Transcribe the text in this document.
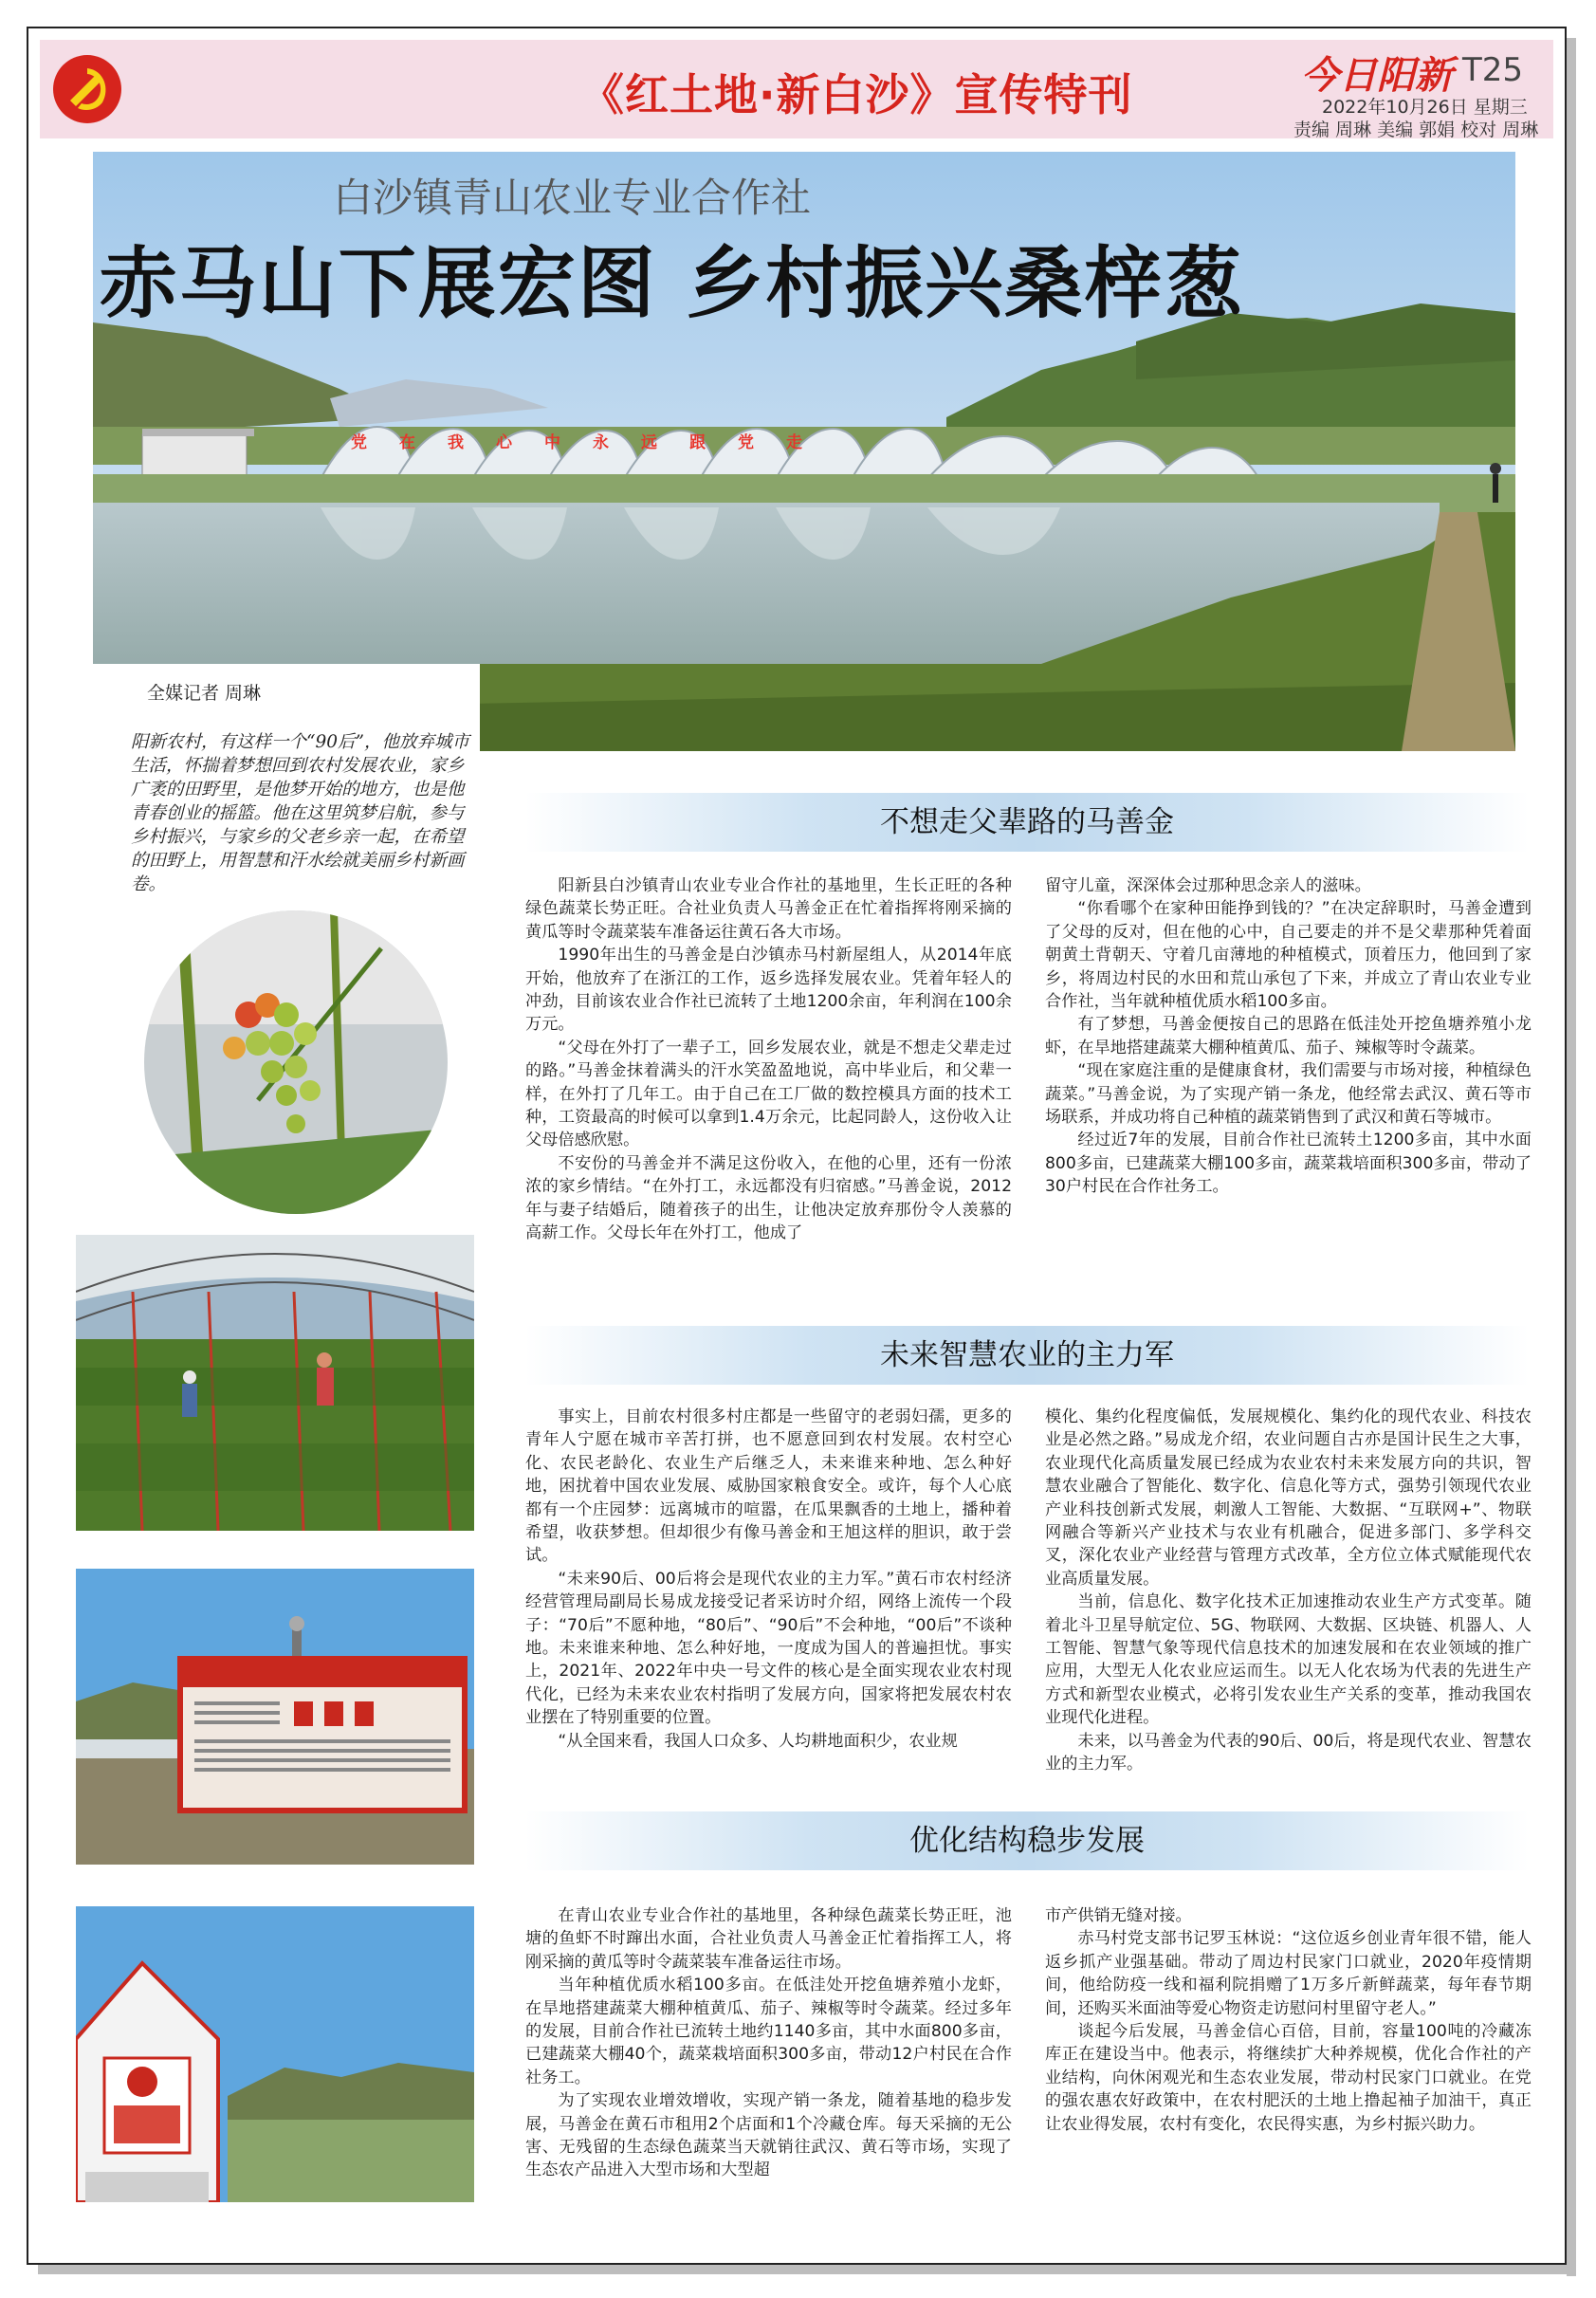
《红土地·新白沙》宣传特刊	今日阳新 T25
2022年10月26日 星期三
责编 周琳 美编 郭娟 校对 周琳
白沙镇青山农业专业合作社
赤马山下展宏图 乡村振兴桑梓葱
党在我心中永远跟党走
全媒记者 周琳
阳新农村，有这样一个“90后”，他放弃城市生活，怀揣着梦想回到农村发展农业，家乡广袤的田野里，是他梦开始的地方，也是他青春创业的摇篮。他在这里筑梦启航，参与乡村振兴，与家乡的父老乡亲一起，在希望的田野上，用智慧和汗水绘就美丽乡村新画卷。
不想走父辈路的马善金

阳新县白沙镇青山农业专业合作社的基地里，生长正旺的各种绿色蔬菜长势正旺。合社业负责人马善金正在忙着指挥将刚采摘的黄瓜等时令蔬菜装车准备运往黄石各大市场。

1990年出生的马善金是白沙镇赤马村新屋组人，从2014年底开始，他放弃了在浙江的工作，返乡选择发展农业。凭着年轻人的冲劲，目前该农业合作社已流转了土地1200余亩，年利润在100余万元。

“父母在外打了一辈子工，回乡发展农业，就是不想走父辈走过的路。”马善金抹着满头的汗水笑盈盈地说，高中毕业后，和父辈一样，在外打了几年工。由于自己在工厂做的数控模具方面的技术工种，工资最高的时候可以拿到1.4万余元，比起同龄人，这份收入让父母倍感欣慰。

不安份的马善金并不满足这份收入，在他的心里，还有一份浓浓的家乡情结。“在外打工，永远都没有归宿感。”马善金说，2012年与妻子结婚后，随着孩子的出生，让他决定放弃那份令人羡慕的高薪工作。父母长年在外打工，他成了

留守儿童，深深体会过那种思念亲人的滋味。

“你看哪个在家种田能挣到钱的？”在决定辞职时，马善金遭到了父母的反对，但在他的心中，自己要走的并不是父辈那种凭着面朝黄土背朝天、守着几亩薄地的种植模式，顶着压力，他回到了家乡，将周边村民的水田和荒山承包了下来，并成立了青山农业专业合作社，当年就种植优质水稻100多亩。

有了梦想，马善金便按自己的思路在低洼处开挖鱼塘养殖小龙虾，在旱地搭建蔬菜大棚种植黄瓜、茄子、辣椒等时令蔬菜。

“现在家庭注重的是健康食材，我们需要与市场对接，种植绿色蔬菜。”马善金说，为了实现产销一条龙，他经常去武汉、黄石等市场联系，并成功将自己种植的蔬菜销售到了武汉和黄石等城市。

经过近7年的发展，目前合作社已流转土1200多亩，其中水面800多亩，已建蔬菜大棚100多亩，蔬菜栽培面积300多亩，带动了30户村民在合作社务工。

未来智慧农业的主力军

事实上，目前农村很多村庄都是一些留守的老弱妇孺，更多的青年人宁愿在城市辛苦打拼，也不愿意回到农村发展。农村空心化、农民老龄化、农业生产后继乏人，未来谁来种地、怎么种好地，困扰着中国农业发展、威胁国家粮食安全。或许，每个人心底都有一个庄园梦：远离城市的喧嚣，在瓜果飘香的土地上，播种着希望，收获梦想。但却很少有像马善金和王旭这样的胆识，敢于尝试。

“未来90后、00后将会是现代农业的主力军。”黄石市农村经济经营管理局副局长易成龙接受记者采访时介绍，网络上流传一个段子：“70后”不愿种地，“80后”、“90后”不会种地，“00后”不谈种地。未来谁来种地、怎么种好地，一度成为国人的普遍担忧。事实上，2021年、2022年中央一号文件的核心是全面实现农业农村现代化，已经为未来农业农村指明了发展方向，国家将把发展农村农业摆在了特别重要的位置。

“从全国来看，我国人口众多、人均耕地面积少，农业规

模化、集约化程度偏低，发展规模化、集约化的现代农业、科技农业是必然之路。”易成龙介绍，农业问题自古亦是国计民生之大事，农业现代化高质量发展已经成为农业农村未来发展方向的共识，智慧农业融合了智能化、数字化、信息化等方式，强势引领现代农业产业科技创新式发展，刺激人工智能、大数据、“互联网+”、物联网融合等新兴产业技术与农业有机融合，促进多部门、多学科交叉，深化农业产业经营与管理方式改革，全方位立体式赋能现代农业高质量发展。

当前，信息化、数字化技术正加速推动农业生产方式变革。随着北斗卫星导航定位、5G、物联网、大数据、区块链、机器人、人工智能、智慧气象等现代信息技术的加速发展和在农业领域的推广应用，大型无人化农业应运而生。以无人化农场为代表的先进生产方式和新型农业模式，必将引发农业生产关系的变革，推动我国农业现代化进程。

未来，以马善金为代表的90后、00后，将是现代农业、智慧农业的主力军。

优化结构稳步发展

在青山农业专业合作社的基地里，各种绿色蔬菜长势正旺，池塘的鱼虾不时蹿出水面，合社业负责人马善金正忙着指挥工人，将刚采摘的黄瓜等时令蔬菜装车准备运往市场。

当年种植优质水稻100多亩。在低洼处开挖鱼塘养殖小龙虾，在旱地搭建蔬菜大棚种植黄瓜、茄子、辣椒等时令蔬菜。经过多年的发展，目前合作社已流转土地约1140多亩，其中水面800多亩，已建蔬菜大棚40个，蔬菜栽培面积300多亩，带动12户村民在合作社务工。

为了实现农业增效增收，实现产销一条龙，随着基地的稳步发展，马善金在黄石市租用2个店面和1个冷藏仓库。每天采摘的无公害、无残留的生态绿色蔬菜当天就销往武汉、黄石等市场，实现了生态农产品进入大型市场和大型超

市产供销无缝对接。

赤马村党支部书记罗玉林说：“这位返乡创业青年很不错，能人返乡抓产业强基础。带动了周边村民家门口就业，2020年疫情期间，他给防疫一线和福利院捐赠了1万多斤新鲜蔬菜，每年春节期间，还购买米面油等爱心物资走访慰问村里留守老人。”

谈起今后发展，马善金信心百倍，目前，容量100吨的冷藏冻库正在建设当中。他表示，将继续扩大种养规模，优化合作社的产业结构，向休闲观光和生态农业发展，带动村民家门口就业。在党的强农惠农好政策中，在农村肥沃的土地上撸起袖子加油干，真正让农业得发展，农村有变化，农民得实惠，为乡村振兴助力。
